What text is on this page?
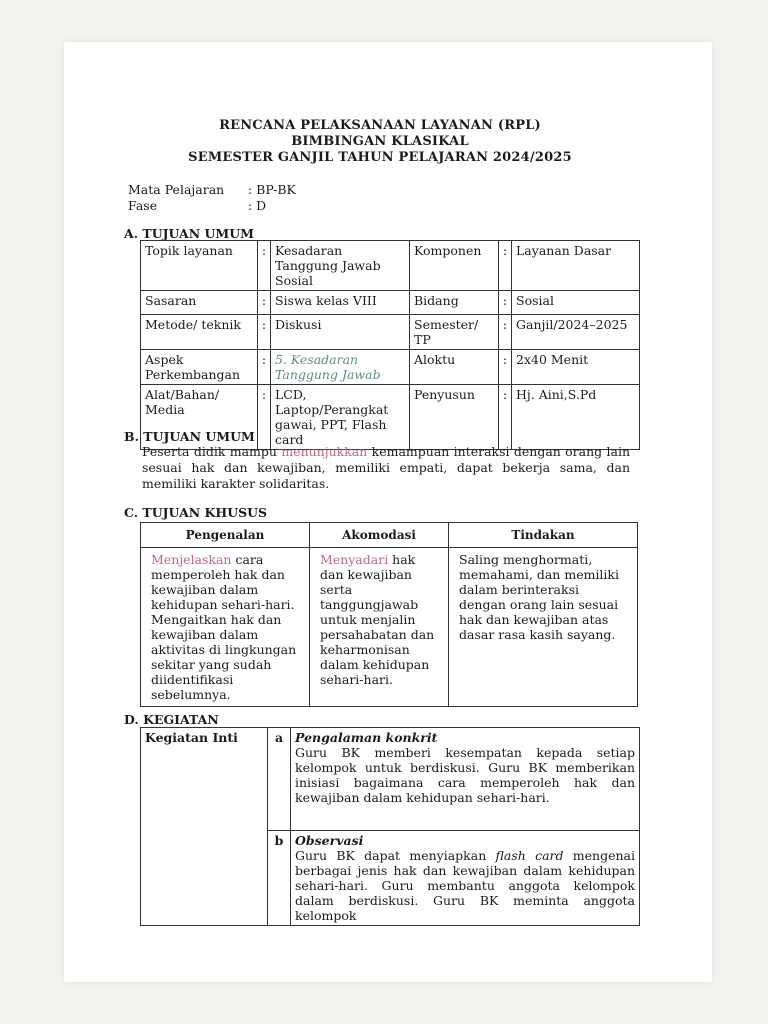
RENCANA PELAKSANAAN LAYANAN (RPL)
BIMBINGAN KLASIKAL
SEMESTER GANJIL TAHUN PELAJARAN 2024/2025
Mata Pelajaran : BP-BK
Fase	: D
A. TUJUAN UMUM
Topik layanan	:	Kesadaran Tanggung Jawab Sosial	Komponen	:	Layanan Dasar
Sasaran	:	Siswa kelas VIII	Bidang	:	Sosial
Metode/ teknik	:	Diskusi	Semester/ TP	:	Ganjil/2024–2025
Aspek Perkembangan	:	5. Kesadaran Tanggung Jawab	Aloktu	:	2x40 Menit
Alat/Bahan/ Media	:	LCD, Laptop/Perangkat gawai, PPT, Flash card	Penyusun	:	Hj. Aini,S.Pd
B. TUJUAN UMUM
Peserta didik mampu menunjukkan kemampuan interaksi dengan orang lain sesuai hak dan kewajiban, memiliki empati, dapat bekerja sama, dan memiliki karakter solidaritas.
C. TUJUAN KHUSUS
Pengenalan	Akomodasi	Tindakan
Menjelaskan cara memperoleh hak dan kewajiban dalam kehidupan sehari-hari. Mengaitkan hak dan kewajiban dalam aktivitas di lingkungan sekitar yang sudah diidentifikasi sebelumnya.	Menyadari hak dan kewajiban serta tanggungjawab untuk menjalin persahabatan dan keharmonisan dalam kehidupan sehari-hari.	Saling menghormati, memahami, dan memiliki dalam berinteraksi dengan orang lain sesuai hak dan kewajiban atas dasar rasa kasih sayang.
D. KEGIATAN
Kegiatan Inti	a	Pengalaman konkrit
Guru BK memberi kesempatan kepada setiap kelompok untuk berdiskusi. Guru BK memberikan inisiasi bagaimana cara memperoleh hak dan kewajiban dalam kehidupan sehari-hari.

	b	Observasi
Guru BK dapat menyiapkan flash card mengenai berbagai jenis hak dan kewajiban dalam kehidupan sehari-hari. Guru membantu anggota kelompok dalam berdiskusi. Guru BK meminta anggota kelompok
